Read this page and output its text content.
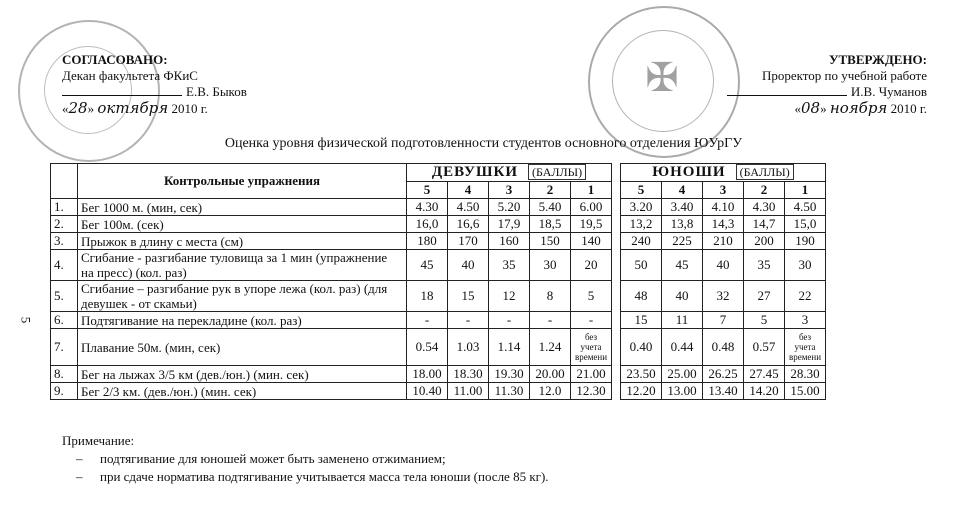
✠
СОГЛАСОВАНО:
Декан факультета ФКиС
Е.В. Быков
«28» октября 2010 г.
УТВЕРЖДЕНО:
Проректор по учебной работе
И.В. Чуманов
«08» ноября 2010 г.
Оценка уровня физической подготовленности студентов основного отделения ЮУрГУ
5
	Контрольные упражнения	ДЕВУШКИ (БАЛЛЫ)						ЮНОШИ (БАЛЛЫ)				
		5	4	3	2	1		5	4	3	2	1
1.	Бег 1000 м. (мин, сек)	4.30	4.50	5.20	5.40	6.00		3.20	3.40	4.10	4.30	4.50
2.	Бег 100м. (сек)	16,0	16,6	17,9	18,5	19,5		13,2	13,8	14,3	14,7	15,0
3.	Прыжок в длину с места (см)	180	170	160	150	140		240	225	210	200	190
4.	Сгибание - разгибание туловища за 1 мин (упражнение на пресс) (кол. раз)	45	40	35	30	20		50	45	40	35	30
5.	Сгибание – разгибание рук в упоре лежа (кол. раз) (для девушек - от скамьи)	18	15	12	8	5		48	40	32	27	22
6.	Подтягивание на перекладине (кол. раз)	-	-	-	-	-		15	11	7	5	3
7.	Плавание 50м. (мин, сек)	0.54	1.03	1.14	1.24	без учета времени		0.40	0.44	0.48	0.57	без учета времени
8.	Бег на лыжах 3/5 км (дев./юн.) (мин. сек)	18.00	18.30	19.30	20.00	21.00		23.50	25.00	26.25	27.45	28.30
9.	Бег 2/3 км. (дев./юн.) (мин. сек)	10.40	11.00	11.30	12.0	12.30		12.20	13.00	13.40	14.20	15.00
Примечание:
– подтягивание для юношей может быть заменено отжиманием;
– при сдаче норматива подтягивание учитывается масса тела юноши (после 85 кг).
